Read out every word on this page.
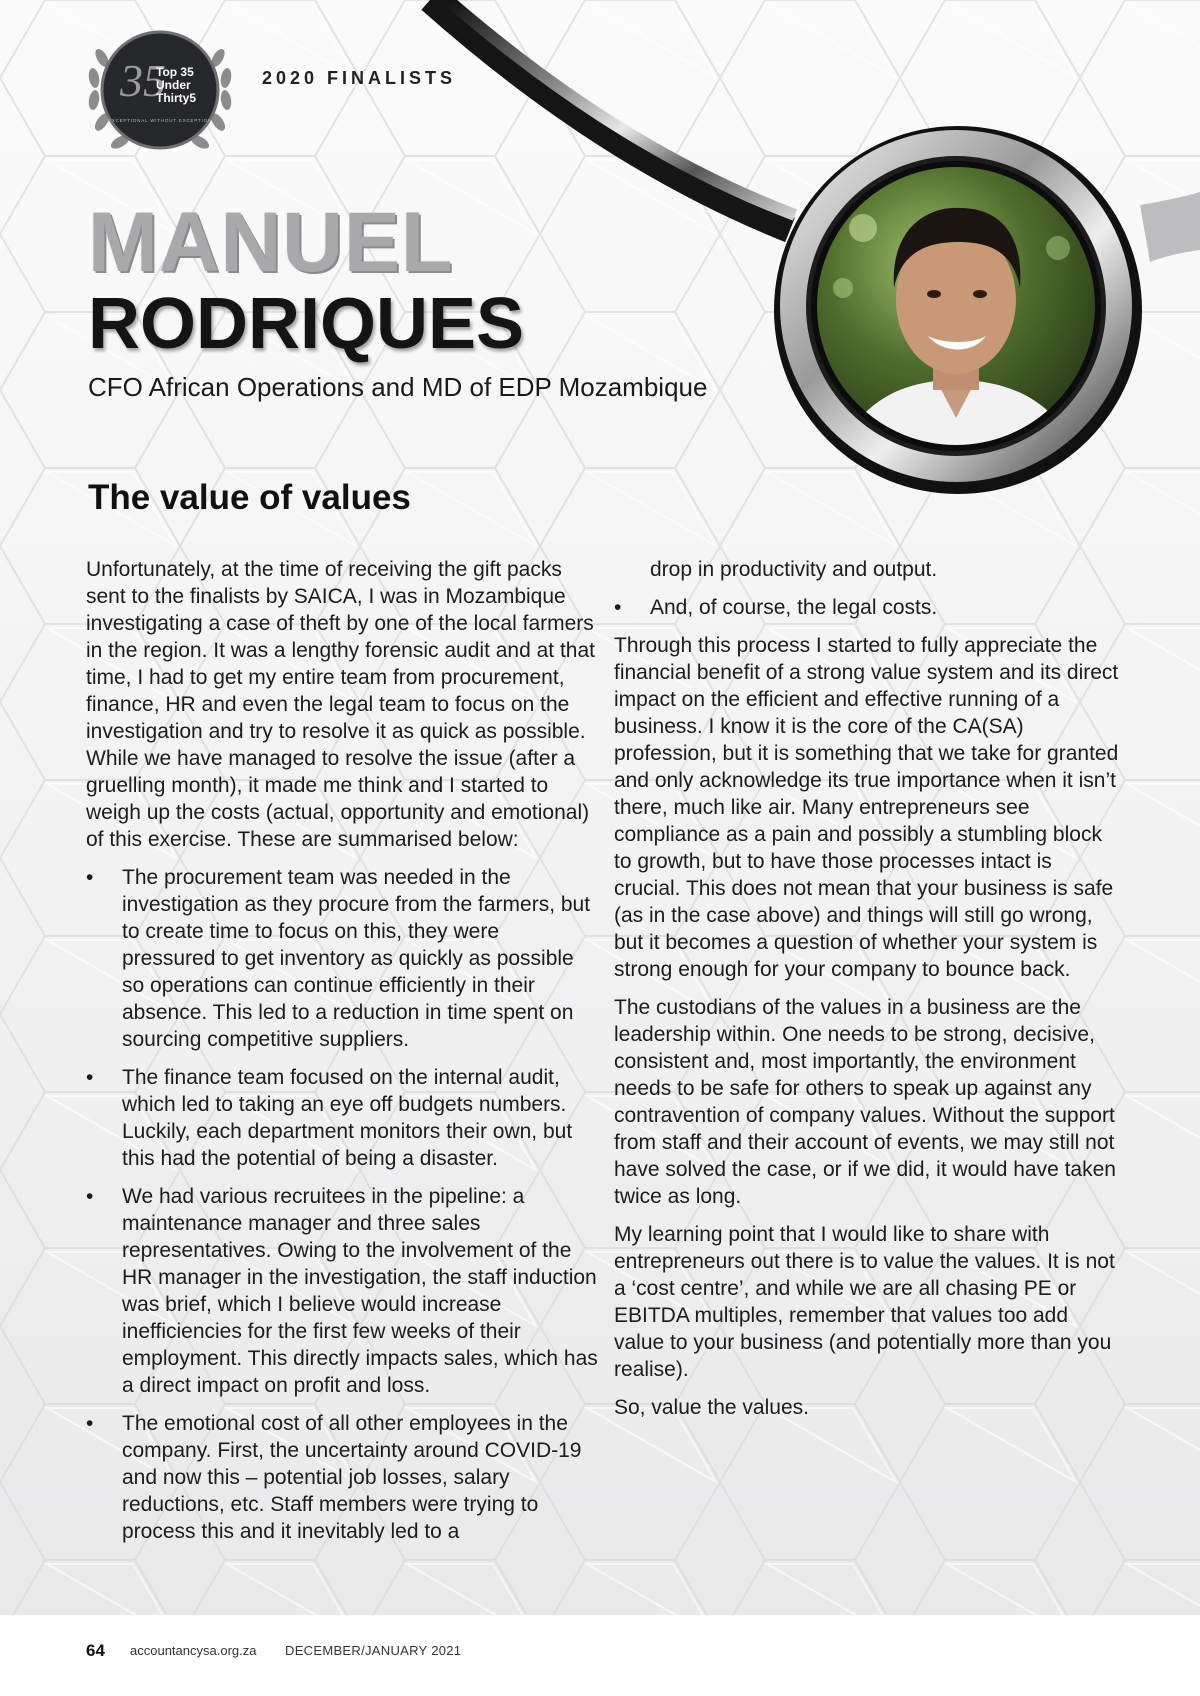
35
Top 35
Under
Thirty5
EXCEPTIONAL WITHOUT EXCEPTION
2020 FINALISTS
MANUEL
RODRIQUES
CFO African Operations and MD of EDP Mozambique
The value of values

Unfortunately, at the time of receiving the gift packs sent to the finalists by SAICA, I was in Mozambique investigating a case of theft by one of the local farmers in the region. It was a lengthy forensic audit and at that time, I had to get my entire team from procurement, finance, HR and even the legal team to focus on the investigation and try to resolve it as quick as possible. While we have managed to resolve the issue (after a gruelling month), it made me think and I started to weigh up the costs (actual, opportunity and emotional) of this exercise. These are summarised below:

• The procurement team was needed in the investigation as they procure from the farmers, but to create time to focus on this, they were pressured to get inventory as quickly as possible so operations can continue efficiently in their absence. This led to a reduction in time spent on sourcing competitive suppliers.
• The finance team focused on the internal audit, which led to taking an eye off budgets numbers. Luckily, each department monitors their own, but this had the potential of being a disaster.
• We had various recruitees in the pipeline: a maintenance manager and three sales representatives. Owing to the involvement of the HR manager in the investigation, the staff induction was brief, which I believe would increase inefficiencies for the first few weeks of their employment. This directly impacts sales, which has a direct impact on profit and loss.
• The emotional cost of all other employees in the company. First, the uncertainty around COVID-19 and now this – potential job losses, salary reductions, etc. Staff members were trying to process this and it inevitably led to a
drop in productivity and output.
• And, of course, the legal costs.

Through this process I started to fully appreciate the financial benefit of a strong value system and its direct impact on the efficient and effective running of a business. I know it is the core of the CA(SA) profession, but it is something that we take for granted and only acknowledge its true importance when it isn’t there, much like air. Many entrepreneurs see compliance as a pain and possibly a stumbling block to growth, but to have those processes intact is crucial. This does not mean that your business is safe (as in the case above) and things will still go wrong, but it becomes a question of whether your system is strong enough for your company to bounce back.

The custodians of the values in a business are the leadership within. One needs to be strong, decisive, consistent and, most importantly, the environment needs to be safe for others to speak up against any contravention of company values. Without the support from staff and their account of events, we may still not have solved the case, or if we did, it would have taken twice as long.

My learning point that I would like to share with entrepreneurs out there is to value the values. It is not a ‘cost centre’, and while we are all chasing PE or EBITDA multiples, remember that values too add value to your business (and potentially more than you realise).

So, value the values.

64 accountancysa.org.za DECEMBER/JANUARY 2021
